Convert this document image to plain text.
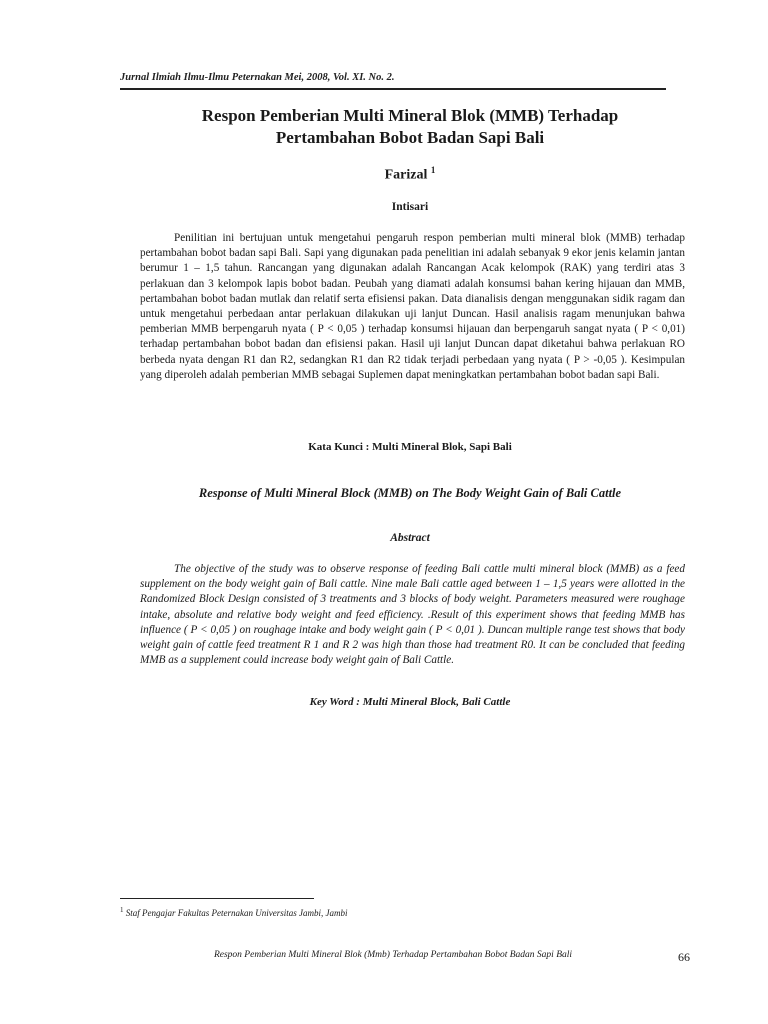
Jurnal Ilmiah Ilmu-Ilmu Peternakan Mei, 2008, Vol. XI. No. 2.
Respon Pemberian Multi Mineral Blok (MMB) Terhadap
Pertambahan Bobot Badan Sapi Bali
Farizal $^1$
Intisari
Penilitian ini bertujuan untuk mengetahui pengaruh respon pemberian multi mineral blok (MMB) terhadap pertambahan bobot badan sapi Bali. Sapi yang digunakan pada penelitian ini adalah sebanyak 9 ekor jenis kelamin jantan berumur 1 – 1,5 tahun. Rancangan yang digunakan adalah Rancangan Acak kelompok (RAK) yang terdiri atas 3 perlakuan dan 3 kelompok lapis bobot badan. Peubah yang diamati adalah konsumsi bahan kering hijauan dan MMB, pertambahan bobot badan mutlak dan relatif serta efisiensi pakan. Data dianalisis dengan menggunakan sidik ragam dan untuk mengetahui perbedaan antar perlakuan dilakukan uji lanjut Duncan. Hasil analisis ragam menunjukan bahwa pemberian MMB berpengaruh nyata ( P < 0,05 ) terhadap konsumsi hijauan dan berpengaruh sangat nyata ( P < 0,01) terhadap pertambahan bobot badan dan efisiensi pakan. Hasil uji lanjut Duncan dapat diketahui bahwa perlakuan RO berbeda nyata dengan R1 dan R2, sedangkan R1 dan R2 tidak terjadi perbedaan yang nyata ( P > -0,05 ). Kesimpulan yang diperoleh adalah pemberian MMB sebagai Suplemen dapat meningkatkan pertambahan bobot badan sapi Bali.
Kata Kunci : Multi Mineral Blok, Sapi Bali
Response of Multi Mineral Block (MMB) on The Body Weight Gain of Bali Cattle
Abstract
The objective of the study was to observe response of feeding Bali cattle multi mineral block (MMB) as a feed supplement on the body weight gain of Bali cattle. Nine male Bali cattle aged between 1 – 1,5 years were allotted in the Randomized Block Design consisted of 3 treatments and 3 blocks of body weight. Parameters measured were roughage intake, absolute and relative body weight and feed efficiency. .Result of this experiment shows that feeding MMB has influence ( P < 0,05 ) on roughage intake and body weight gain ( P < 0,01 ). Duncan multiple range test shows that body weight gain of cattle feed treatment R 1 and R 2 was high than those had treatment R0. It can be concluded that feeding MMB as a supplement could increase body weight gain of Bali Cattle.
Key Word : Multi Mineral Block, Bali Cattle
$^1$ Staf Pengajar Fakultas Peternakan Universitas Jambi, Jambi
Respon Pemberian Multi Mineral Blok (Mmb) Terhadap Pertambahan Bobot Badan Sapi Bali	66
